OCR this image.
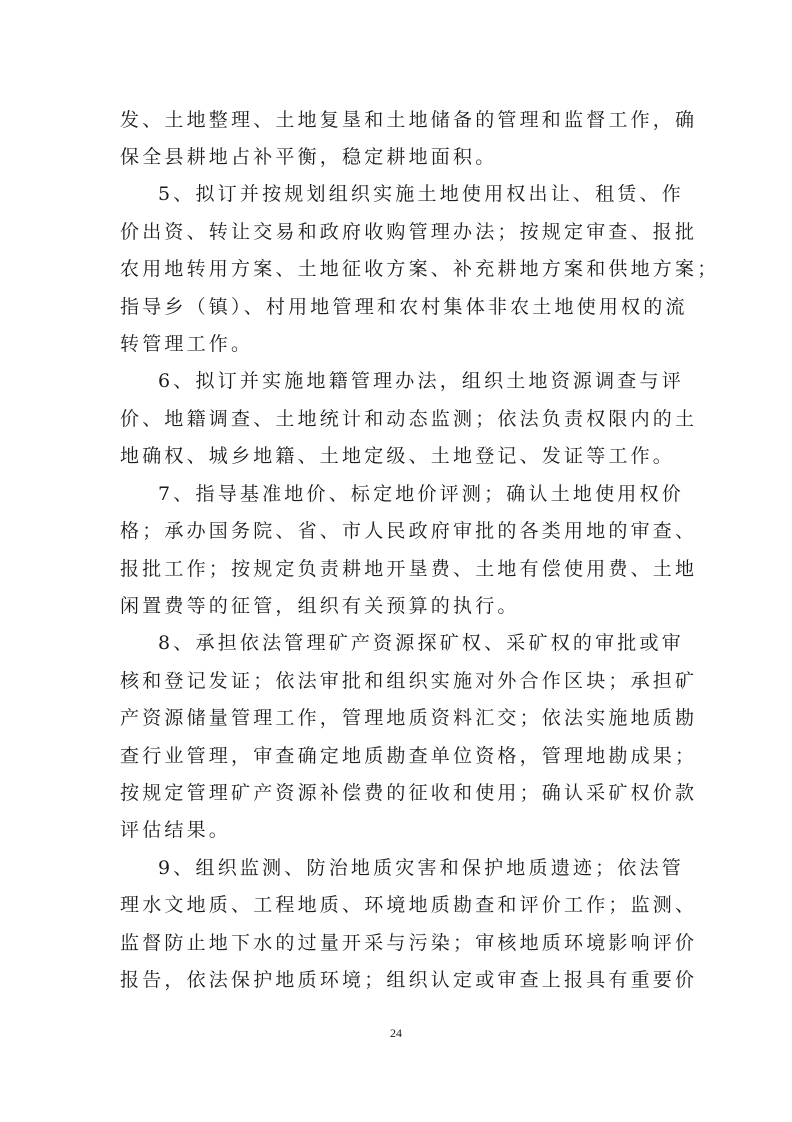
发、土地整理、土地复垦和土地储备的管理和监督工作，确
保全县耕地占补平衡，稳定耕地面积。
5、拟订并按规划组织实施土地使用权出让、租赁、作
价出资、转让交易和政府收购管理办法；按规定审查、报批
农用地转用方案、土地征收方案、补充耕地方案和供地方案；
指导乡（镇）、村用地管理和农村集体非农土地使用权的流
转管理工作。
6、拟订并实施地籍管理办法，组织土地资源调查与评
价、地籍调查、土地统计和动态监测；依法负责权限内的土
地确权、城乡地籍、土地定级、土地登记、发证等工作。
7、指导基准地价、标定地价评测；确认土地使用权价
格；承办国务院、省、市人民政府审批的各类用地的审查、
报批工作；按规定负责耕地开垦费、土地有偿使用费、土地
闲置费等的征管，组织有关预算的执行。
8、承担依法管理矿产资源探矿权、采矿权的审批或审
核和登记发证；依法审批和组织实施对外合作区块；承担矿
产资源储量管理工作，管理地质资料汇交；依法实施地质勘
查行业管理，审查确定地质勘查单位资格，管理地勘成果；
按规定管理矿产资源补偿费的征收和使用；确认采矿权价款
评估结果。
9、组织监测、防治地质灾害和保护地质遗迹；依法管
理水文地质、工程地质、环境地质勘查和评价工作；监测、
监督防止地下水的过量开采与污染；审核地质环境影响评价
报告，依法保护地质环境；组织认定或审查上报具有重要价
24
